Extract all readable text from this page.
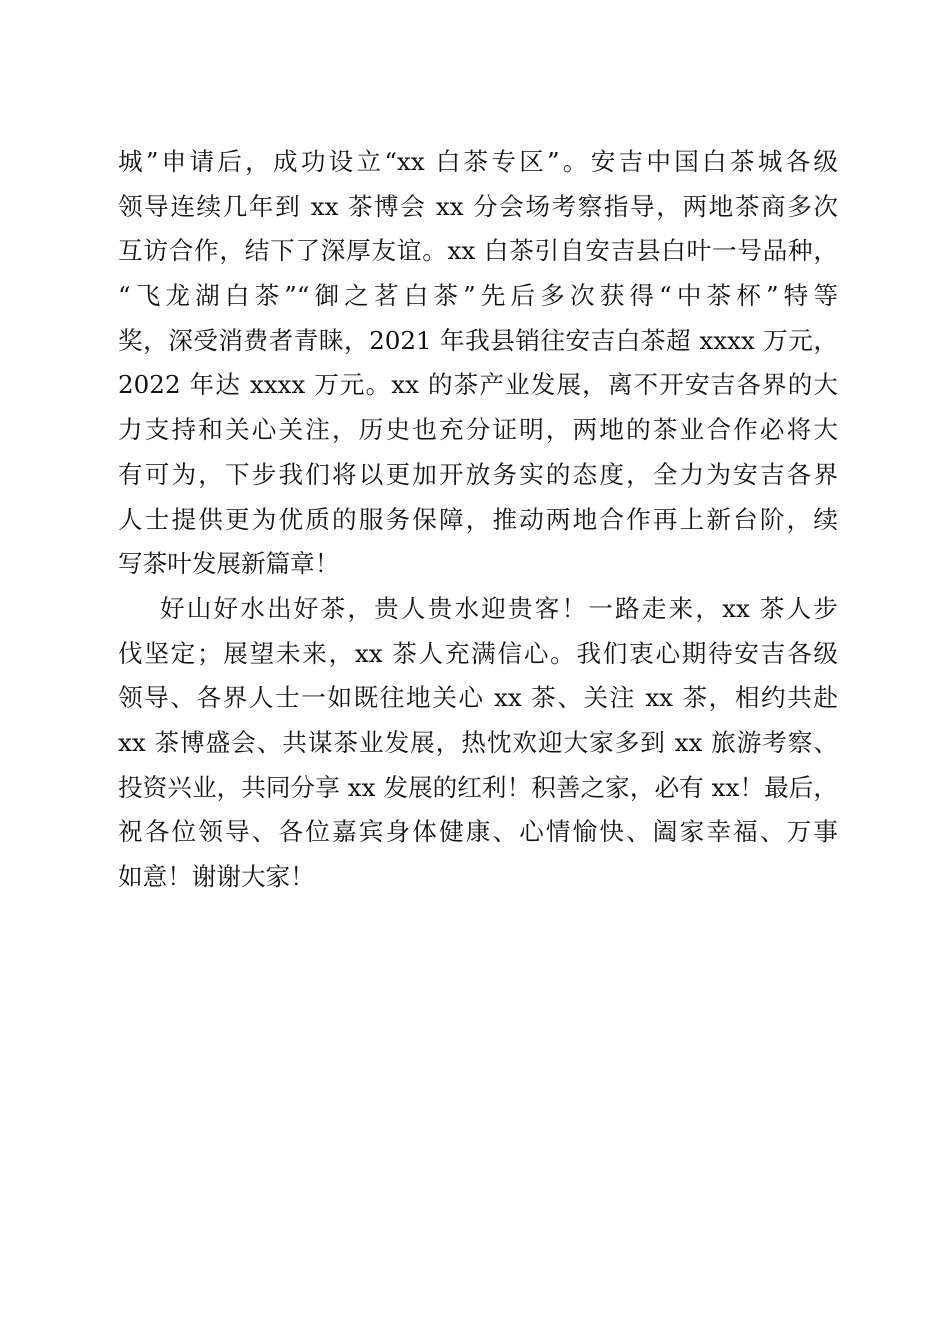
城”申请后，成功设立“xx 白茶专区”。安吉中国白茶城各级
领导连续几年到 xx 茶博会 xx 分会场考察指导，两地茶商多次
互访合作，结下了深厚友谊。xx 白茶引自安吉县白叶一号品种，
“飞龙湖白茶”“御之茗白茶”先后多次获得“中茶杯”特等
奖，深受消费者青睐，2021 年我县销往安吉白茶超 xxxx 万元，
2022 年达 xxxx 万元。xx 的茶产业发展，离不开安吉各界的大
力支持和关心关注，历史也充分证明，两地的茶业合作必将大
有可为，下步我们将以更加开放务实的态度，全力为安吉各界
人士提供更为优质的服务保障，推动两地合作再上新台阶，续
写茶叶发展新篇章！
好山好水出好茶，贵人贵水迎贵客！一路走来，xx 茶人步
伐坚定；展望未来，xx 茶人充满信心。我们衷心期待安吉各级
领导、各界人士一如既往地关心 xx 茶、关注 xx 茶，相约共赴
xx 茶博盛会、共谋茶业发展，热忱欢迎大家多到 xx 旅游考察、
投资兴业，共同分享 xx 发展的红利！积善之家，必有 xx！最后，
祝各位领导、各位嘉宾身体健康、心情愉快、阖家幸福、万事
如意！谢谢大家！
